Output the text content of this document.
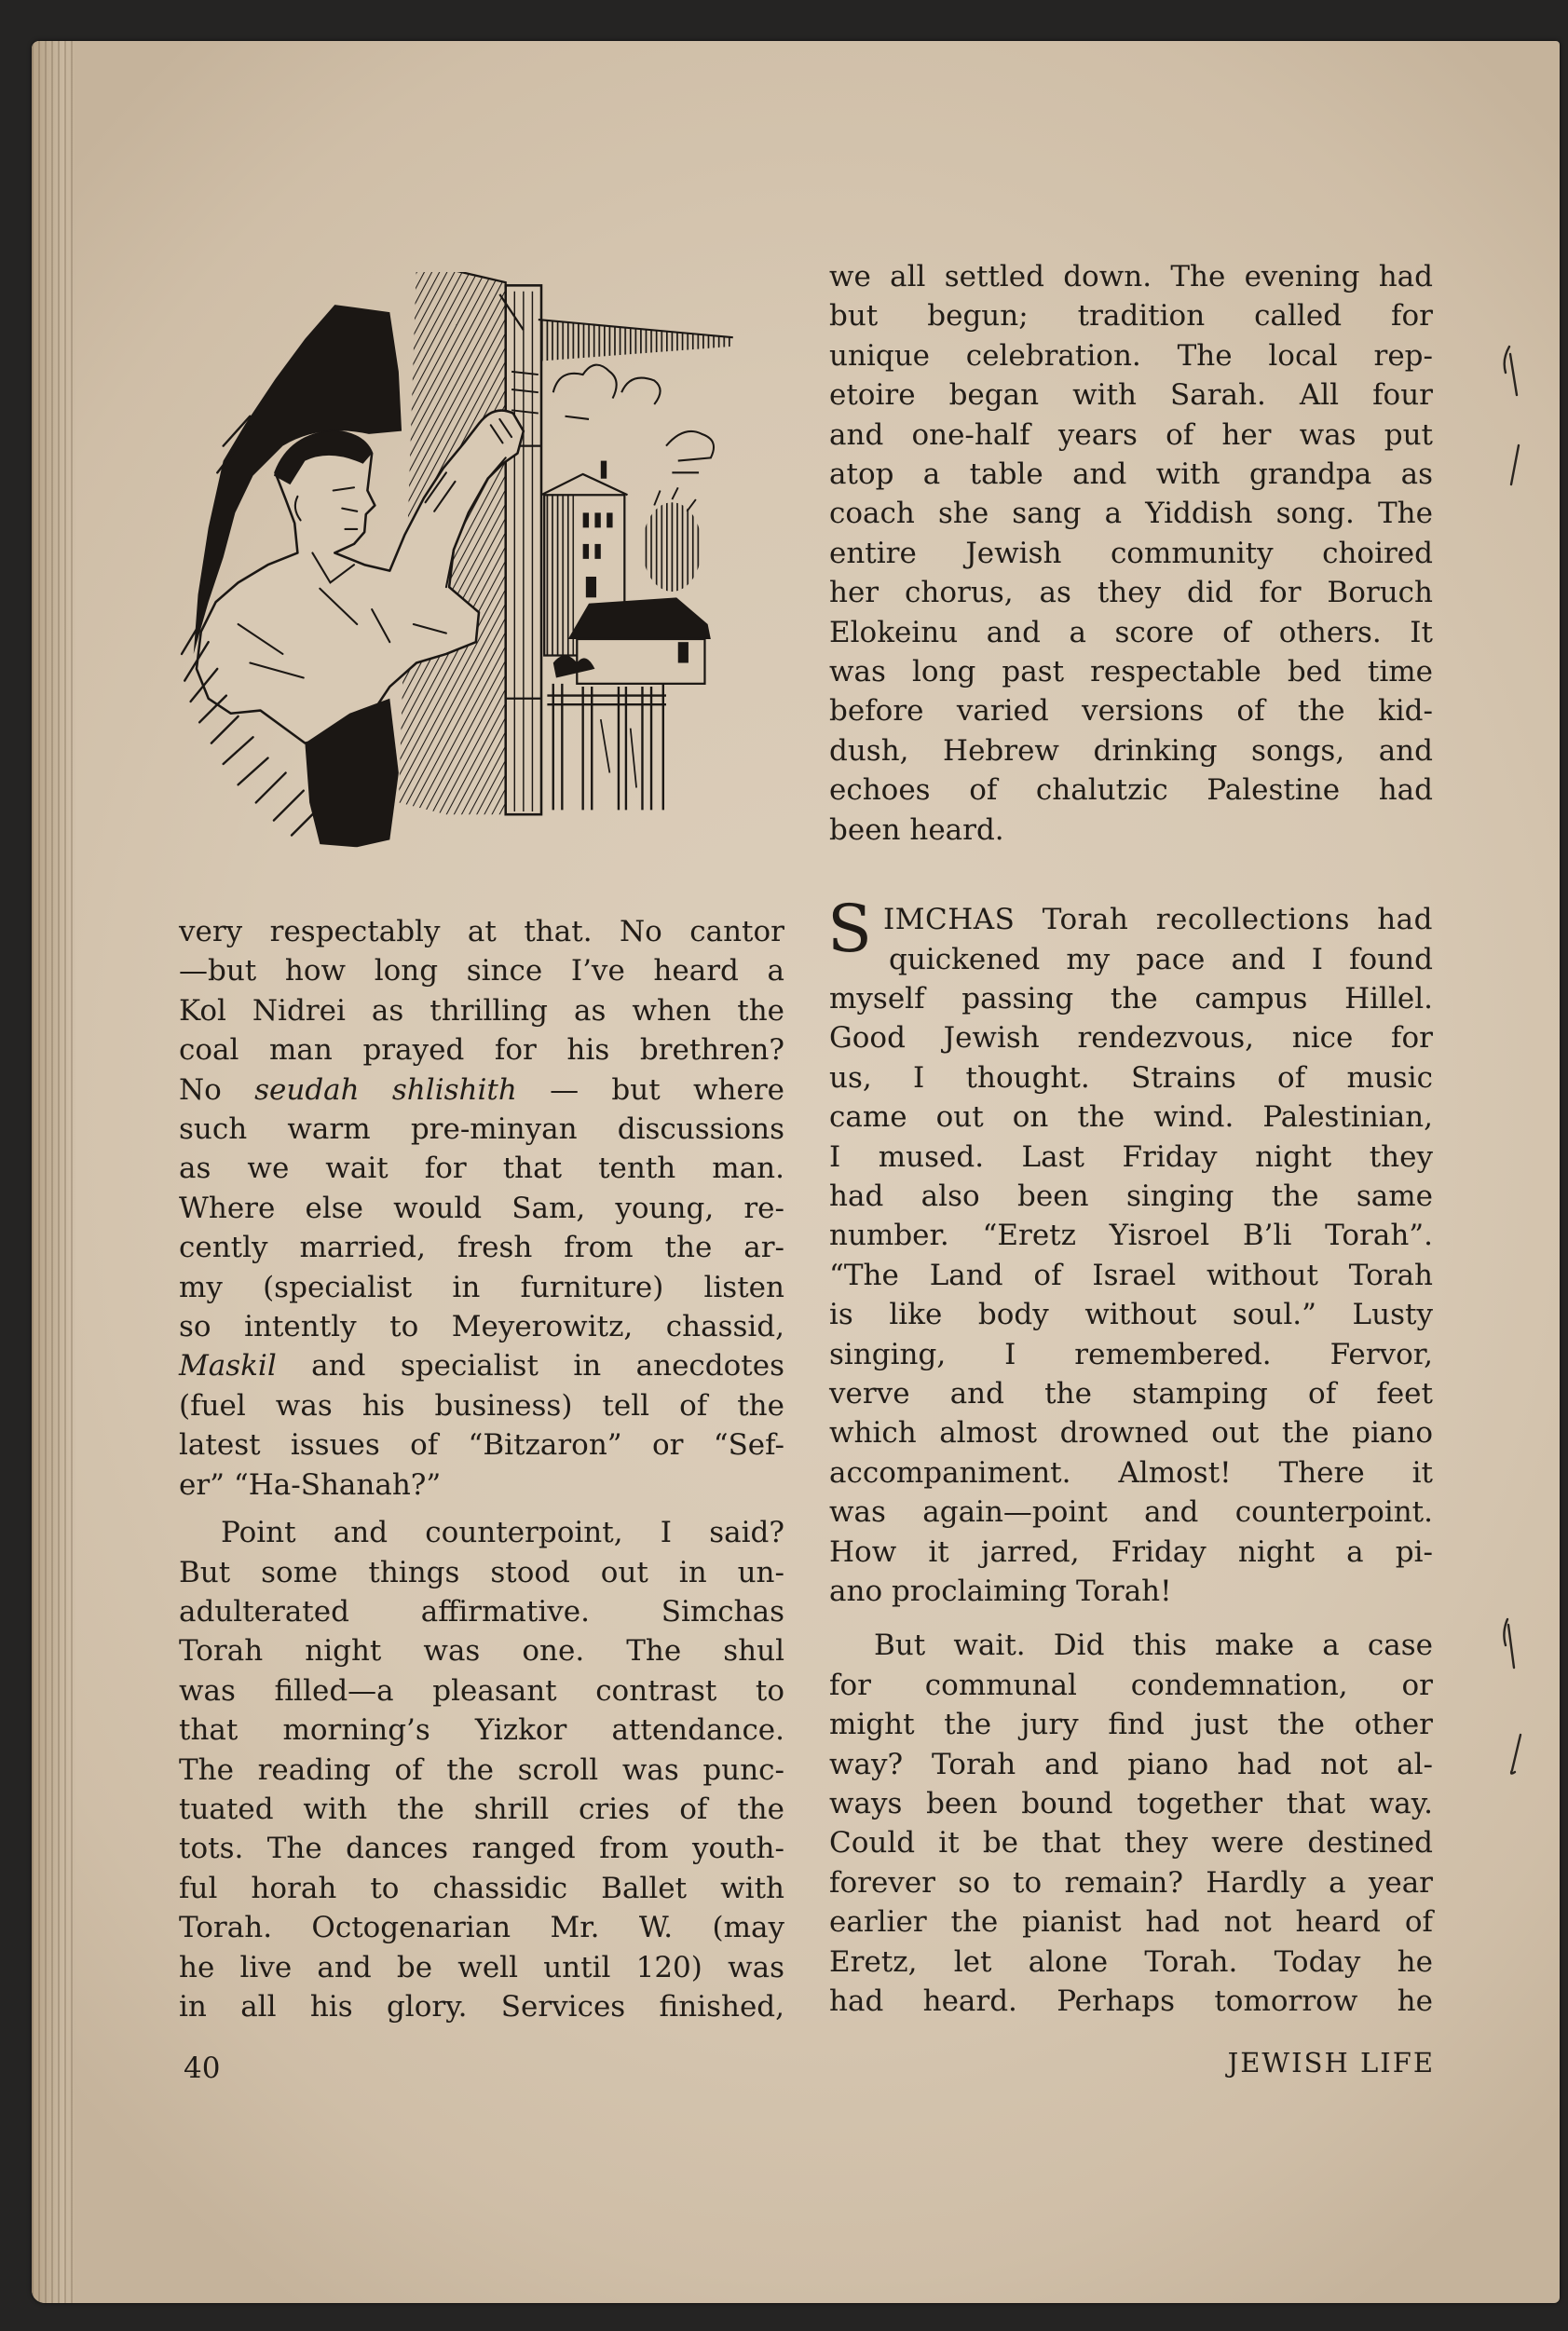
very respectably at that. No cantor
—but how long since I’ve heard a
Kol Nidrei as thrilling as when the
coal man prayed for his brethren?
No seudah shlishith — but where
such warm pre-minyan discussions
as we wait for that tenth man.
Where else would Sam, young, re-
cently married, fresh from the ar-
my (specialist in furniture) listen
so intently to Meyerowitz, chassid,
Maskil and specialist in anecdotes
(fuel was his business) tell of the
latest issues of “Bitzaron” or “Sef-
er” “Ha-Shanah?”
Point and counterpoint, I said?
But some things stood out in un-
adulterated affirmative. Simchas
Torah night was one. The shul
was filled—a pleasant contrast to
that morning’s Yizkor attendance.
The reading of the scroll was punc-
tuated with the shrill cries of the
tots. The dances ranged from youth-
ful horah to chassidic Ballet with
Torah. Octogenarian Mr. W. (may
he live and be well until 120) was
in all his glory. Services finished,
we all settled down. The evening had
but begun; tradition called for
unique celebration. The local rep-
etoire began with Sarah. All four
and one-half years of her was put
atop a table and with grandpa as
coach she sang a Yiddish song. The
entire Jewish community choired
her chorus, as they did for Boruch
Elokeinu and a score of others. It
was long past respectable bed time
before varied versions of the kid-
dush, Hebrew drinking songs, and
echoes of chalutzic Palestine had
been heard.
S IMCHAS Torah recollections had
quickened my pace and I found
myself passing the campus Hillel.
Good Jewish rendezvous, nice for
us, I thought. Strains of music
came out on the wind. Palestinian,
I mused. Last Friday night they
had also been singing the same
number. “Eretz Yisroel B’li Torah”.
“The Land of Israel without Torah
is like body without soul.” Lusty
singing, I remembered. Fervor,
verve and the stamping of feet
which almost drowned out the piano
accompaniment. Almost! There it
was again—point and counterpoint.
How it jarred, Friday night a pi-
ano proclaiming Torah!
But wait. Did this make a case
for communal condemnation, or
might the jury find just the other
way? Torah and piano had not al-
ways been bound together that way.
Could it be that they were destined
forever so to remain? Hardly a year
earlier the pianist had not heard of
Eretz, let alone Torah. Today he
had heard. Perhaps tomorrow he
40	JEWISH LIFE
